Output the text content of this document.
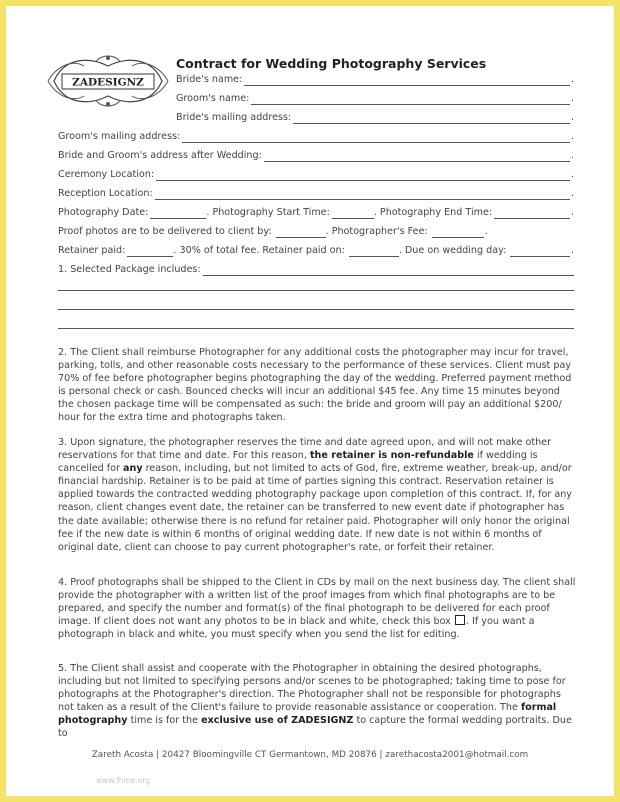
ZADESIGNZ
Contract for Wedding Photography Services
Bride's name:	.
Groom's name:	.
Bride's mailing address:	.
Groom's mailing address:	.
Bride and Groom's address after Wedding:	.
Ceremony Location:	.
Reception Location:	.
Photography Date:	. Photography Start Time:	. Photography End Time:	.
Proof photos are to be delivered to client by:	. Photographer's Fee:	.
Retainer paid:	. 30% of total fee. Retainer paid on:	. Due on wedding day:	.
1. Selected Package includes:
2. The Client shall reimburse Photographer for any additional costs the photographer may incur for travel, parking, tolls, and other reasonable costs necessary to the performance of these services. Client must pay 70% of fee before photographer begins photographing the day of the wedding. Preferred payment method is personal check or cash. Bounced checks will incur an additional $45 fee. Any time 15 minutes beyond the chosen package time will be compensated as such: the bride and groom will pay an additional $200/ hour for the extra time and photographs taken.
3. Upon signature, the photographer reserves the time and date agreed upon, and will not make other reservations for that time and date. For this reason, the retainer is non-refundable if wedding is cancelled for any reason, including, but not limited to acts of God, fire, extreme weather, break-up, and/or financial hardship. Retainer is to be paid at time of parties signing this contract. Reservation retainer is applied towards the contracted wedding photography package upon completion of this contract. If, for any reason, client changes event date, the retainer can be transferred to new event date if photographer has the date available; otherwise there is no refund for retainer paid. Photographer will only honor the original fee if the new date is within 6 months of original wedding date. If new date is not within 6 months of original date, client can choose to pay current photographer's rate, or forfeit their retainer.
4. Proof photographs shall be shipped to the Client in CDs by mail on the next business day. The client shall provide the photographer with a written list of the proof images from which final photographs are to be prepared, and specify the number and format(s) of the final photograph to be delivered for each proof image. If client does not want any photos to be in black and white, check this box . If you want a photograph in black and white, you must specify when you send the list for editing.
5. The Client shall assist and cooperate with the Photographer in obtaining the desired photographs, including but not limited to specifying persons and/or scenes to be photographed; taking time to pose for photographs at the Photographer's direction. The Photographer shall not be responsible for photographs not taken as a result of the Client's failure to provide reasonable assistance or cooperation. The formal photography time is for the exclusive use of ZADESIGNZ to capture the formal wedding portraits. Due to
Zareth Acosta | 20427 Bloomingville CT Germantown, MD 20876 | zarethacosta2001@hotmail.com
www.fhme.org
